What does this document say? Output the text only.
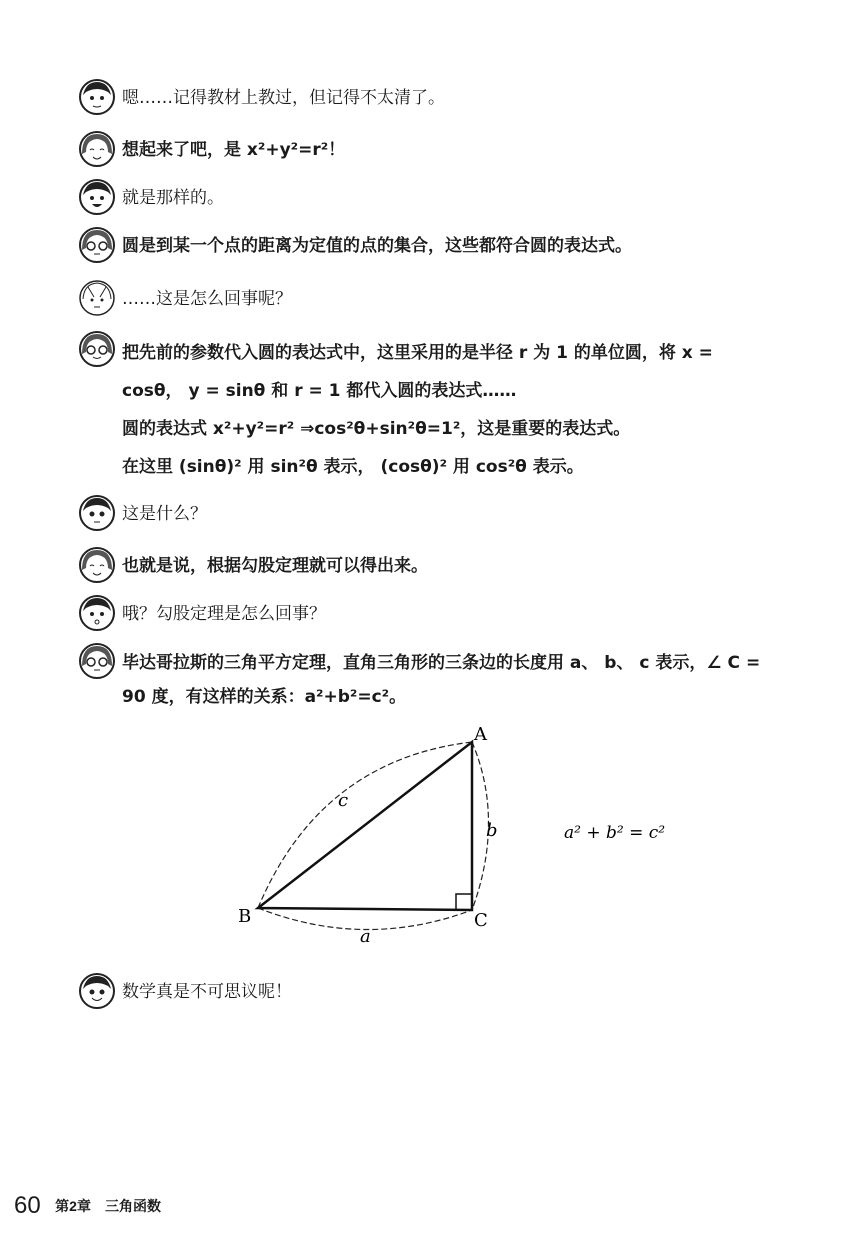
嗯……记得教材上教过，但记得不太清了。
想起来了吧，是 x²+y²=r²！
就是那样的。
圆是到某一个点的距离为定值的点的集合，这些都符合圆的表达式。
……这是怎么回事呢？
把先前的参数代入圆的表达式中，这里采用的是半径 r 为 1 的单位圆，将 x =
cosθ， y = sinθ 和 r = 1 都代入圆的表达式……
圆的表达式 x²+y²=r² ⇒cos²θ+sin²θ=1²，这是重要的表达式。
在这里 (sinθ)² 用 sin²θ 表示， (cosθ)² 用 cos²θ 表示。
这是什么？
也就是说，根据勾股定理就可以得出来。
哦？勾股定理是怎么回事？
毕达哥拉斯的三角平方定理，直角三角形的三条边的长度用 a、 b、 c 表示，∠ C =
90 度，有这样的关系：a²+b²=c²。
A
B	C
a
b
c
a² + b² = c²
数学真是不可思议呢！
60 第2章　三角函数
